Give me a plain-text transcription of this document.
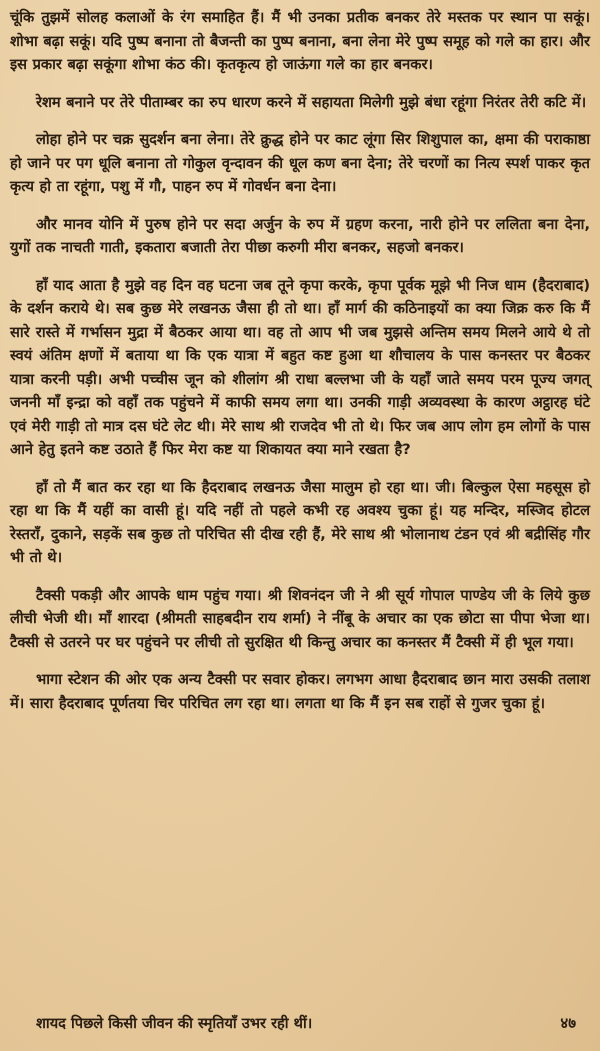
चूंकि तुझमें सोलह कलाओं के रंग समाहित हैं। मैं भी उनका प्रतीक बनकर तेरे मस्तक पर स्थान पा सकूं। शोभा बढ़ा सकूं। यदि पुष्प बनाना तो बैजन्ती का पुष्प बनाना, बना लेना मेरे पुष्प समूह को गले का हार। और इस प्रकार बढ़ा सकूंगा शोभा कंठ की। कृतकृत्य हो जाऊंगा गले का हार बनकर।

रेशम बनाने पर तेरे पीताम्बर का रुप धारण करने में सहायता मिलेगी मुझे बंधा रहूंगा निरंतर तेरी कटि में।

लोहा होने पर चक्र सुदर्शन बना लेना। तेरे क्रुद्ध होने पर काट लूंगा सिर शिशुपाल का, क्षमा की पराकाष्ठा हो जाने पर पग धूलि बनाना तो गोकुल वृन्दावन की धूल कण बना देना; तेरे चरणों का नित्य स्पर्श पाकर कृत कृत्य हो ता रहूंगा, पशु में गौ, पाहन रुप में गोवर्धन बना देना।

और मानव योनि में पुरुष होने पर सदा अर्जुन के रुप में ग्रहण करना, नारी होने पर ललिता बना देना, युगों तक नाचती गाती, इकतारा बजाती तेरा पीछा करुगी मीरा बनकर, सहजो बनकर।

हाँ याद आता है मुझे वह दिन वह घटना जब तूने कृपा करके, कृपा पूर्वक मूझे भी निज धाम (हैदराबाद) के दर्शन कराये थे। सब कुछ मेरे लखनऊ जैसा ही तो था। हाँ मार्ग की कठिनाइयों का क्या जिक्र करु कि मैं सारे रास्ते में गर्भासन मुद्रा में बैठकर आया था। वह तो आप भी जब मुझसे अन्तिम समय मिलने आये थे तो स्वयं अंतिम क्षणों में बताया था कि एक यात्रा में बहुत कष्ट हुआ था शौचालय के पास कनस्तर पर बैठकर यात्रा करनी पड़ी। अभी पच्चीस जून को शीलांग श्री राधा बल्लभा जी के यहाँ जाते समय परम पूज्य जगत् जननी माँ इन्द्रा को वहाँ तक पहुंचने में काफी समय लगा था। उनकी गाड़ी अव्यवस्था के कारण अट्ठारह घंटे एवं मेरी गाड़ी तो मात्र दस घंटे लेट थी। मेरे साथ श्री राजदेव भी तो थे। फिर जब आप लोग हम लोगों के पास आने हेतु इतने कष्ट उठाते हैं फिर मेरा कष्ट या शिकायत क्या माने रखता है?

हाँ तो मैं बात कर रहा था कि हैदराबाद लखनऊ जैसा मालुम हो रहा था। जी। बिल्कुल ऐसा महसूस हो रहा था कि मैं यहीं का वासी हूं। यदि नहीं तो पहले कभी रह अवश्य चुका हूं। यह मन्दिर, मस्जिद होटल रेस्तराँ, दुकाने, सड़कें सब कुछ तो परिचित सी दीख रही हैं, मेरे साथ श्री भोलानाथ टंडन एवं श्री बद्रीसिंह गौर भी तो थे।

टैक्सी पकड़ी और आपके धाम पहुंच गया। श्री शिवनंदन जी ने श्री सूर्य गोपाल पाण्डेय जी के लिये कुछ लीची भेजी थी। माँ शारदा (श्रीमती साहबदीन राय शर्मा) ने नींबू के अचार का एक छोटा सा पीपा भेजा था। टैक्सी से उतरने पर घर पहुंचने पर लीची तो सुरक्षित थी किन्तु अचार का कनस्तर मैं टैक्सी में ही भूल गया।

भागा स्टेशन की ओर एक अन्य टैक्सी पर सवार होकर। लगभग आधा हैदराबाद छान मारा उसकी तलाश में। सारा हैदराबाद पूर्णतया चिर परिचित लग रहा था। लगता था कि मैं इन सब राहों से गुजर चुका हूं।

शायद पिछले किसी जीवन की स्मृतियाँ उभर रही थीं।	४७
